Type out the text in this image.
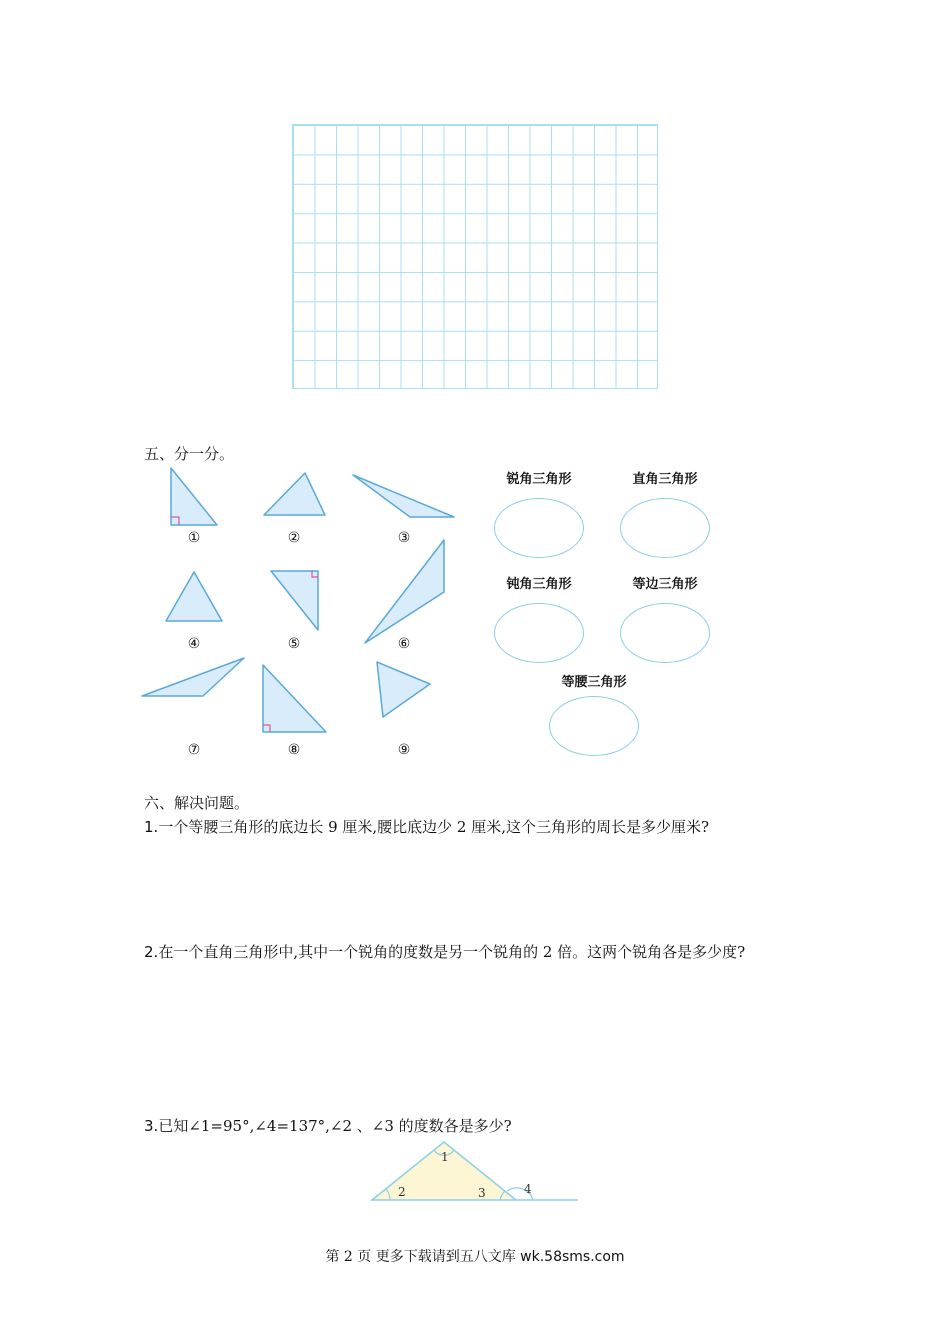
五、分一分。
①	②	③
④	⑤	⑥
⑦	⑧	⑨
锐角三角形	直角三角形
钝角三角形	等边三角形
等腰三角形
六、解决问题。
1.一个等腰三角形的底边长 9 厘米,腰比底边少 2 厘米,这个三角形的周长是多少厘米?
2.在一个直角三角形中,其中一个锐角的度数是另一个锐角的 2 倍。这两个锐角各是多少度?
3.已知∠1=95°,∠4=137°,∠2 、∠3 的度数各是多少?
1
2	3	4
第 2 页 更多下载请到五八文库 wk.58sms.com
